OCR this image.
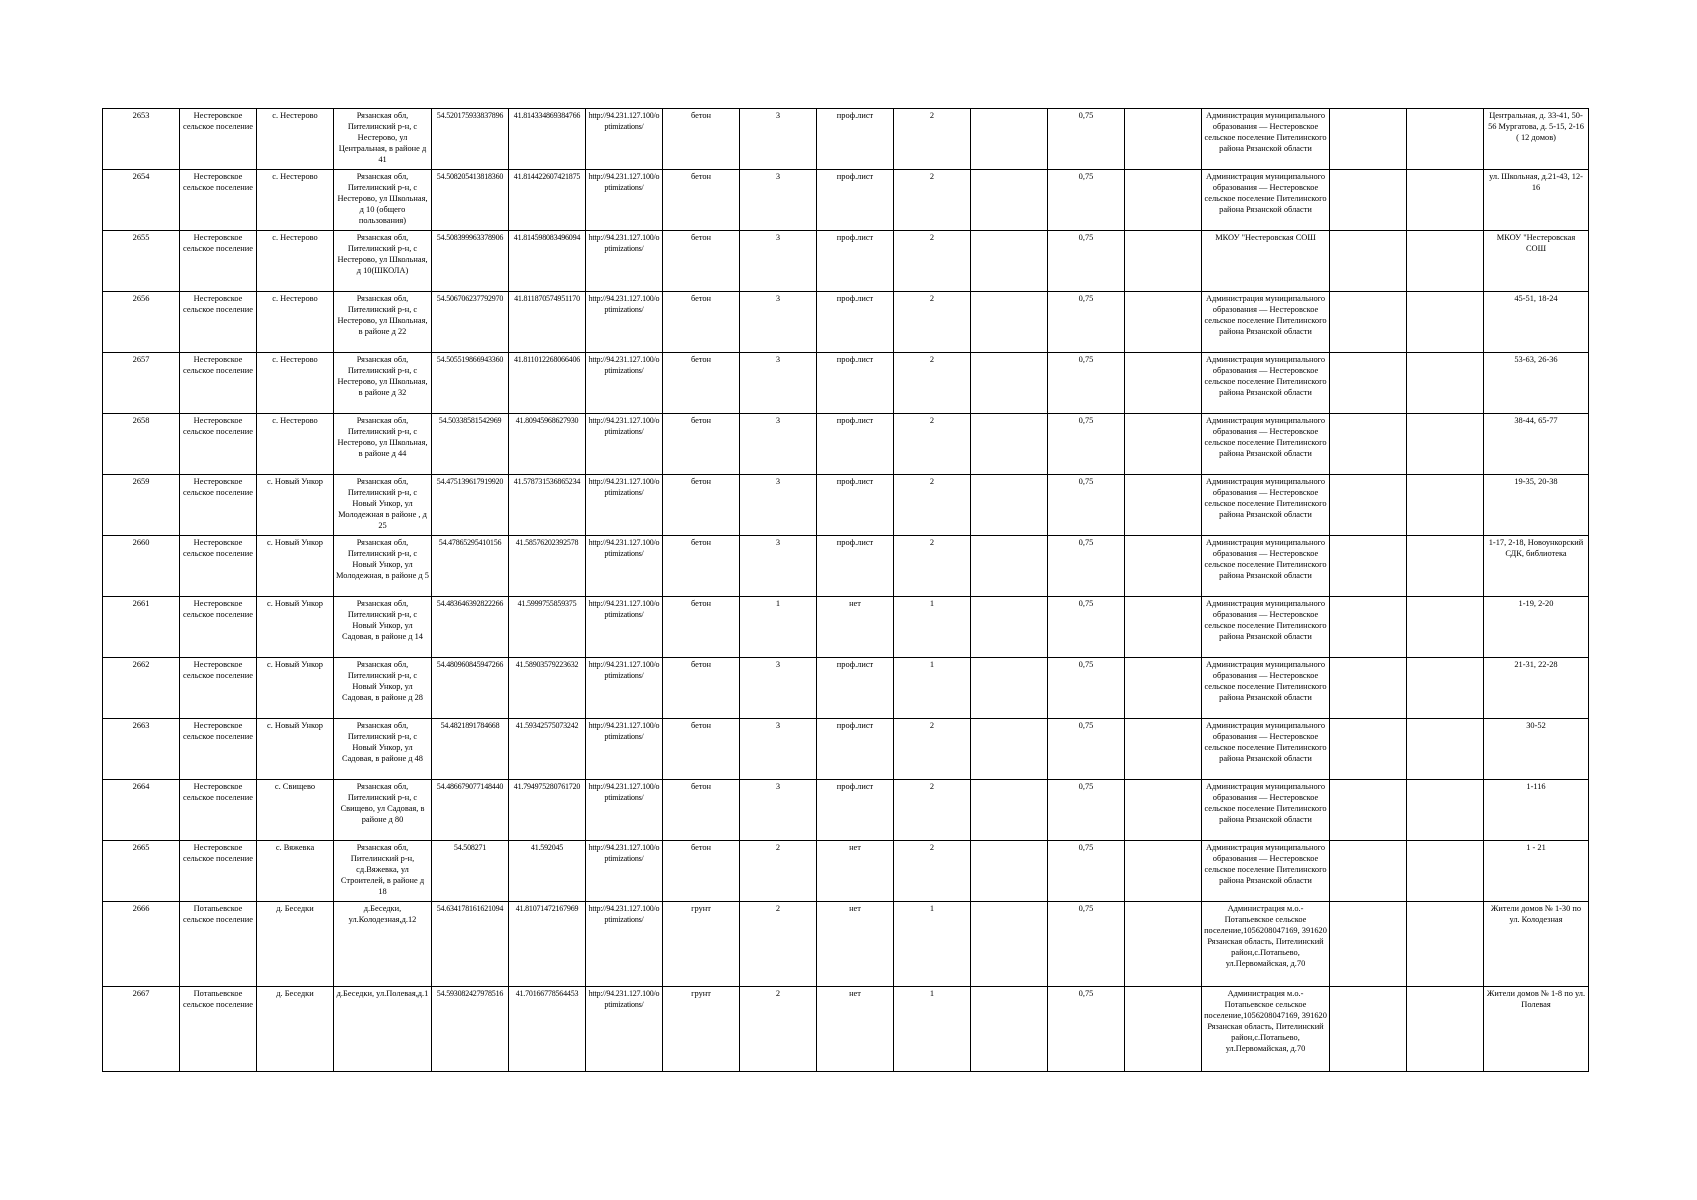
2653	Нестеровское сельское поселение	с. Нестерово	Рязанская обл, Пителинский р-н, с Нестерово, ул Центральная, в районе д 41	54.520175933837896	41.814334869384766	http://94.231.127.100/optimizations/	бетон	3	проф.лист	2		0,75		Администрация муниципального образования — Нестеровское сельское поселение Пителинского района Рязанской области			Центральная, д. 33-41, 50-56 Мургатова, д. 5-15, 2-16 ( 12 домов)
2654	Нестеровское сельское поселение	с. Нестерово	Рязанская обл, Пителинский р-н, с Нестерово, ул Школьная, д 10 (общего пользования)	54.508205413818360	41.814422607421875	http://94.231.127.100/optimizations/	бетон	3	проф.лист	2		0,75		Администрация муниципального образования — Нестеровское сельское поселение Пителинского района Рязанской области			ул. Школьная, д.21-43, 12-16
2655	Нестеровское сельское поселение	с. Нестерово	Рязанская обл, Пителинский р-н, с Нестерово, ул Школьная, д 10(ШКОЛА)	54.508399963378906	41.814598083496094	http://94.231.127.100/optimizations/	бетон	3	проф.лист	2		0,75		МКОУ "Нестеровская СОШ			МКОУ "Нестеровская СОШ
2656	Нестеровское сельское поселение	с. Нестерово	Рязанская обл, Пителинский р-н, с Нестерово, ул Школьная, в районе д 22	54.506706237792970	41.811870574951170	http://94.231.127.100/optimizations/	бетон	3	проф.лист	2		0,75		Администрация муниципального образования — Нестеровское сельское поселение Пителинского района Рязанской области			45-51, 18-24
2657	Нестеровское сельское поселение	с. Нестерово	Рязанская обл, Пителинский р-н, с Нестерово, ул Школьная, в районе д 32	54.505519866943360	41.811012268066406	http://94.231.127.100/optimizations/	бетон	3	проф.лист	2		0,75		Администрация муниципального образования — Нестеровское сельское поселение Пителинского района Рязанской области			53-63, 26-36
2658	Нестеровское сельское поселение	с. Нестерово	Рязанская обл, Пителинский р-н, с Нестерово, ул Школьная, в районе д 44	54.50338581542969	41.80945968627930	http://94.231.127.100/optimizations/	бетон	3	проф.лист	2		0,75		Администрация муниципального образования — Нестеровское сельское поселение Пителинского района Рязанской области			38-44, 65-77
2659	Нестеровское сельское поселение	с. Новый Ункор	Рязанская обл, Пителинский р-н, с Новый Ункор, ул Молодежная в районе , д 25	54.475139617919920	41.578731536865234	http://94.231.127.100/optimizations/	бетон	3	проф.лист	2		0,75		Администрация муниципального образования — Нестеровское сельское поселение Пителинского района Рязанской области			19-35, 20-38
2660	Нестеровское сельское поселение	с. Новый Ункор	Рязанская обл, Пителинский р-н, с Новый Ункор, ул Молодежная, в районе д 5	54.47865295410156	41.58576202392578	http://94.231.127.100/optimizations/	бетон	3	проф.лист	2		0,75		Администрация муниципального образования — Нестеровское сельское поселение Пителинского района Рязанской области			1-17, 2-18, Новоункорский СДК, библиотека
2661	Нестеровское сельское поселение	с. Новый Ункор	Рязанская обл, Пителинский р-н, с Новый Ункор, ул Садовая, в районе д 14	54.483646392822266	41.5999755859375	http://94.231.127.100/optimizations/	бетон	1	нет	1		0,75		Администрация муниципального образования — Нестеровское сельское поселение Пителинского района Рязанской области			1-19, 2-20
2662	Нестеровское сельское поселение	с. Новый Ункор	Рязанская обл, Пителинский р-н, с Новый Ункор, ул Садовая, в районе д 28	54.480960845947266	41.58903579223632	http://94.231.127.100/optimizations/	бетон	3	проф.лист	1		0,75		Администрация муниципального образования — Нестеровское сельское поселение Пителинского района Рязанской области			21-31, 22-28
2663	Нестеровское сельское поселение	с. Новый Ункор	Рязанская обл, Пителинский р-н, с Новый Ункор, ул Садовая, в районе д 48	54.4821891784668	41.59342575073242	http://94.231.127.100/optimizations/	бетон	3	проф.лист	2		0,75		Администрация муниципального образования — Нестеровское сельское поселение Пителинского района Рязанской области			30-52
2664	Нестеровское сельское поселение	с. Свищево	Рязанская обл, Пителинский р-н, с Свищево, ул Садовая, в районе д 80	54.486679077148440	41.794975280761720	http://94.231.127.100/optimizations/	бетон	3	проф.лист	2		0,75		Администрация муниципального образования — Нестеровское сельское поселение Пителинского района Рязанской области			1-116
2665	Нестеровское сельское поселение	с. Вяжевка	Рязанская обл, Пителинский р-н, сд.Вяжевка, ул Строителей, в районе д 18	54.508271	41.592045	http://94.231.127.100/optimizations/	бетон	2	нет	2		0,75		Администрация муниципального образования — Нестеровское сельское поселение Пителинского района Рязанской области			1 - 21
2666	Потапьевское сельское поселение	д. Беседки	д.Беседки, ул.Колодезная,д.12	54.634178161621094	41.81071472167969	http://94.231.127.100/optimizations/	грунт	2	нет	1		0,75		Администрация м.о.-Потапьевское сельское поселение,1056208047169, 391620 Рязанская область, Пителинский район,с.Потапьево, ул.Первомайская, д.70			Жители домов № 1-30 по ул. Колодезная
2667	Потапьевское сельское поселение	д. Беседки	д.Беседки, ул.Полевая,д.1	54.593082427978516	41.70166778564453	http://94.231.127.100/optimizations/	грунт	2	нет	1		0,75		Администрация м.о.-Потапьевское сельское поселение,1056208047169, 391620 Рязанская область, Пителинский район,с.Потапьево, ул.Первомайская, д.70			Жители домов № 1-8 по ул. Полевая
